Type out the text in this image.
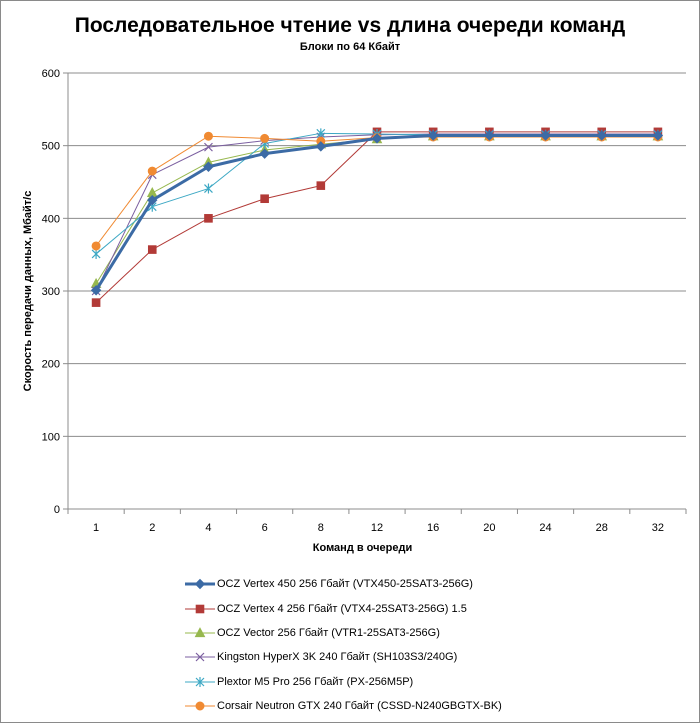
Последовательное чтение vs длина очереди команд
Блоки по 64 Кбайт
0
100
200
300
400
500
600
1	2	4	6	8	12	16	20	24	28	32
Скорость передачи данных, Мбайт/с
Команд в очереди
OCZ Vertex 450 256 Гбайт (VTX450-25SAT3-256G)
OCZ Vertex 4 256 Гбайт (VTX4-25SAT3-256G) 1.5
OCZ Vector 256 Гбайт (VTR1-25SAT3-256G)
Kingston HyperX 3K 240 Гбайт (SH103S3/240G)
Plextor M5 Pro 256 Гбайт (PX-256M5P)
Corsair Neutron GTX 240 Гбайт (CSSD-N240GBGTX-BK)
